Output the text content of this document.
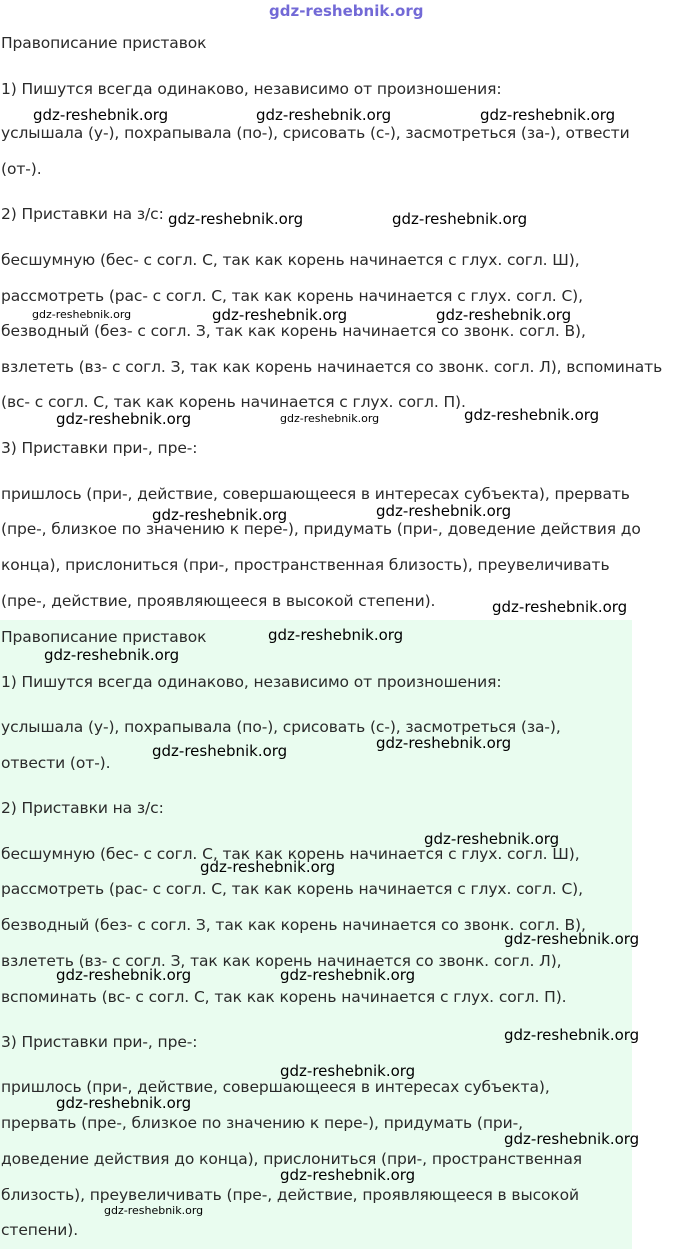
Правописание приставок
1) Пишутся всегда одинаково, независимо от произношения:
услышала (у-), похрапывала (по-), срисовать (с-), засмотреться (за-), отвести
(от-).
2) Приставки на з/с:
бесшумную (бес- с согл. С, так как корень начинается с глух. согл. Ш),
рассмотреть (рас- с согл. С, так как корень начинается с глух. согл. С),
безводный (без- с согл. З, так как корень начинается со звонк. согл. В),
взлететь (вз- с согл. З, так как корень начинается со звонк. согл. Л), вспоминать
(вс- с согл. С, так как корень начинается с глух. согл. П).
3) Приставки при-, пре-:
пришлось (при-, действие, совершающееся в интересах субъекта), прервать
(пре-, близкое по значению к пере-), придумать (при-, доведение действия до
конца), прислониться (при-, пространственная близость), преувеличивать
(пре-, действие, проявляющееся в высокой степени).
Правописание приставок
1) Пишутся всегда одинаково, независимо от произношения:
услышала (у-), похрапывала (по-), срисовать (с-), засмотреться (за-),
отвести (от-).
2) Приставки на з/с:
бесшумную (бес- с согл. С, так как корень начинается с глух. согл. Ш),
рассмотреть (рас- с согл. С, так как корень начинается с глух. согл. С),
безводный (без- с согл. З, так как корень начинается со звонк. согл. В),
взлететь (вз- с согл. З, так как корень начинается со звонк. согл. Л),
вспоминать (вс- с согл. С, так как корень начинается с глух. согл. П).
3) Приставки при-, пре-:
пришлось (при-, действие, совершающееся в интересах субъекта),
прервать (пре-, близкое по значению к пере-), придумать (при-,
доведение действия до конца), прислониться (при-, пространственная
близость), преувеличивать (пре-, действие, проявляющееся в высокой
степени).
gdz-reshebnik.org
gdz-reshebnik.org	gdz-reshebnik.org	gdz-reshebnik.org
gdz-reshebnik.org	gdz-reshebnik.org
gdz-reshebnik.org	gdz-reshebnik.org	gdz-reshebnik.org
gdz-reshebnik.org	gdz-reshebnik.org	gdz-reshebnik.org
gdz-reshebnik.org	gdz-reshebnik.org
gdz-reshebnik.org
gdz-reshebnik.org
gdz-reshebnik.org
gdz-reshebnik.org
gdz-reshebnik.org
gdz-reshebnik.org
gdz-reshebnik.org
gdz-reshebnik.org
gdz-reshebnik.org	gdz-reshebnik.org
gdz-reshebnik.org
gdz-reshebnik.org
gdz-reshebnik.org
gdz-reshebnik.org
gdz-reshebnik.org
gdz-reshebnik.org
